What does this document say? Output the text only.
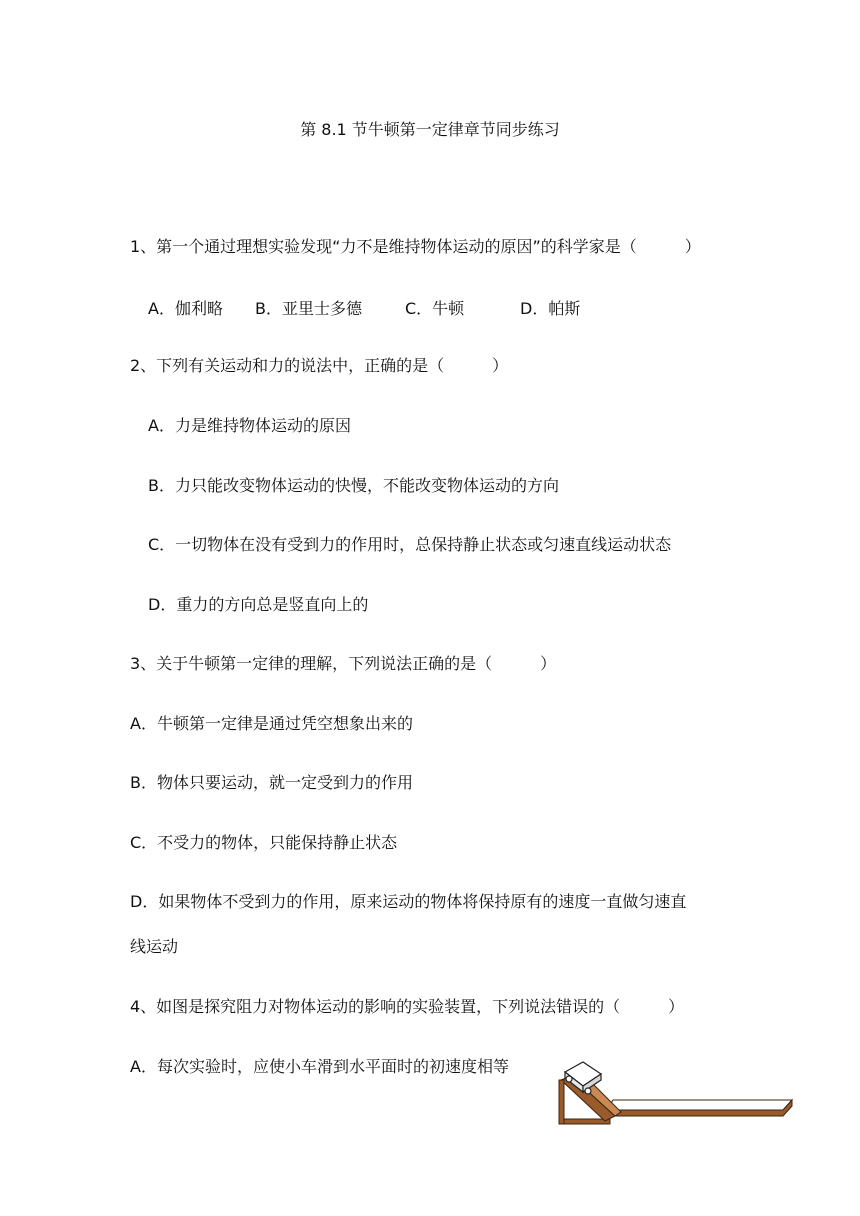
第 8.1 节牛顿第一定律章节同步练习
1、第一个通过理想实验发现“力不是维持物体运动的原因”的科学家是（　　　）
A．伽利略 B．亚里士多德	C．牛顿	D．帕斯
2、下列有关运动和力的说法中，正确的是（　　　）
A．力是维持物体运动的原因
B．力只能改变物体运动的快慢，不能改变物体运动的方向
C．一切物体在没有受到力的作用时，总保持静止状态或匀速直线运动状态
D．重力的方向总是竖直向上的
3、关于牛顿第一定律的理解，下列说法正确的是（　　　）
A．牛顿第一定律是通过凭空想象出来的
B．物体只要运动，就一定受到力的作用
C．不受力的物体，只能保持静止状态
D．如果物体不受到力的作用，原来运动的物体将保持原有的速度一直做匀速直
线运动
4、如图是探究阻力对物体运动的影响的实验装置，下列说法错误的（　　　）
A．每次实验时，应使小车滑到水平面时的初速度相等
